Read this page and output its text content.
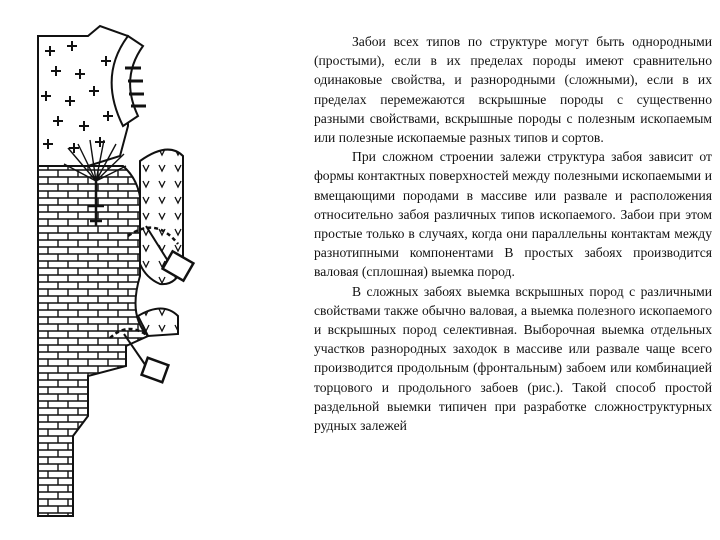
Забои всех типов по структуре могут быть однородными (простыми), если в их пределах породы имеют сравнительно одинаковые свойства, и разнородными (сложными), если в их пределах перемежаются вскрышные породы с существенно разными свойствами, вскрышные породы с полезным ископаемым или полезные ископаемые разных типов и сортов.

При сложном строении залежи структура забоя зависит от формы контактных поверхностей между полезными ископаемыми и вмещающими породами в массиве или развале и расположения относительно забоя различных типов ископаемого. Забои при этом простые только в случаях, когда они параллельны контактам между разнотипными компонентами В простых забоях производится валовая (сплошная) выемка пород.

В сложных забоях выемка вскрышных пород с различными свойствами также обычно валовая, а выемка полезного ископаемого и вскрышных пород селективная. Выборочная выемка отдельных участков разнородных заходок в массиве или развале чаще всего производится продольным (фронтальным) забоем или комбинацией торцового и продольного забоев (рис.). Такой способ простой раздельной выемки типичен при разработке сложноструктурных рудных залежей
